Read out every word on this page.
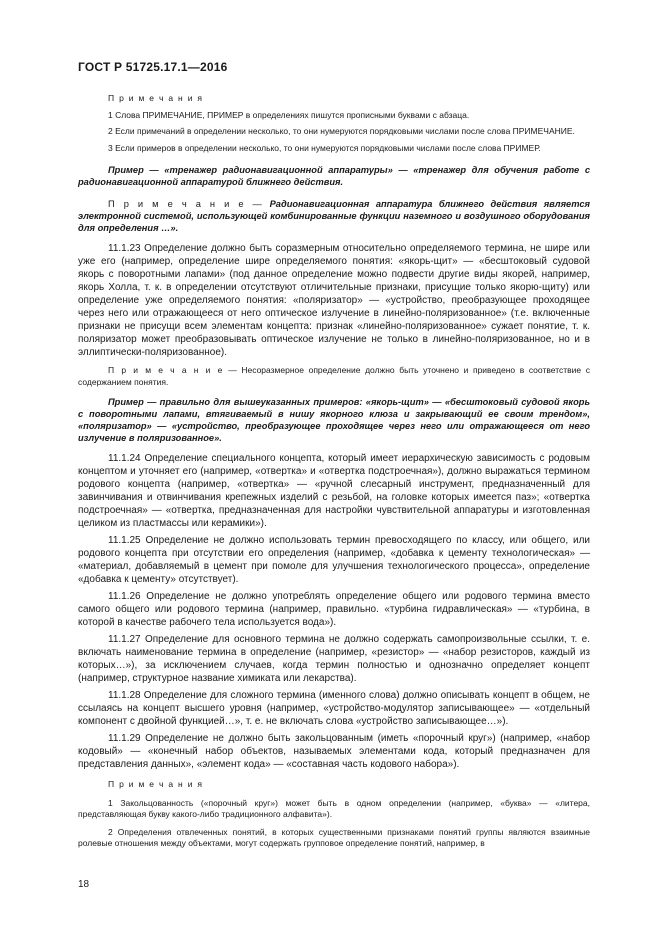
ГОСТ Р 51725.17.1—2016

П р и м е ч а н и я

1 Слова ПРИМЕЧАНИЕ, ПРИМЕР в определениях пишутся прописными буквами с абзаца.

2 Если примечаний в определении несколько, то они нумеруются порядковыми числами после слова ПРИМЕЧАНИЕ.

3 Если примеров в определении несколько, то они нумеруются порядковыми числами после слова ПРИМЕР.

Пример — «тренажер радионавигационной аппаратуры» — «тренажер для обучения работе с радионавигационной аппаратурой ближнего действия.

П р и м е ч а н и е — Радионавигационная аппаратура ближнего действия является электронной системой, использующей комбинированные функции наземного и воздушного оборудования для определения …».

11.1.23 Определение должно быть соразмерным относительно определяемого термина, не шире или уже его (например, определение шире определяемого понятия: «якорь-щит» — «бесштоковый судовой якорь с поворотными лапами» (под данное определение можно подвести другие виды якорей, например, якорь Холла, т. к. в определении отсутствуют отличительные признаки, присущие только якорю-щиту) или определение уже определяемого понятия: «поляризатор» — «устройство, преобразующее проходящее через него или отражающееся от него оптическое излучение в линейно-поляризованное» (т.е. включенные признаки не присущи всем элементам концепта: признак «линейно-поляризованное» сужает понятие, т. к. поляризатор может преобразовывать оптическое излучение не только в линейно-поляризованное, но и в эллиптически-поляризованное).

П р и м е ч а н и е — Несоразмерное определение должно быть уточнено и приведено в соответствие с содержанием понятия.

Пример — правильно для вышеуказанных примеров: «якорь-щит» — «бесштоковый судовой якорь с поворотными лапами, втягиваемый в нишу якорного клюза и закрывающий ее своим трендом», «поляризатор» — «устройство, преобразующее проходящее через него или отражающееся от него излучение в поляризованное».

11.1.24 Определение специального концепта, который имеет иерархическую зависимость с родовым концептом и уточняет его (например, «отвертка» и «отвертка подстроечная»), должно выражаться термином родового концепта (например, «отвертка» — «ручной слесарный инструмент, предназначенный для завинчивания и отвинчивания крепежных изделий с резьбой, на головке которых имеется паз»; «отвертка подстроечная» — «отвертка, предназначенная для настройки чувствительной аппаратуры и изготовленная целиком из пластмассы или керамики»).

11.1.25 Определение не должно использовать термин превосходящего по классу, или общего, или родового концепта при отсутствии его определения (например, «добавка к цементу технологическая» — «материал, добавляемый в цемент при помоле для улучшения технологического процесса», определение «добавка к цементу» отсутствует).

11.1.26 Определение не должно употреблять определение общего или родового термина вместо самого общего или родового термина (например, правильно. «турбина гидравлическая» — «турбина, в которой в качестве рабочего тела используется вода»).

11.1.27 Определение для основного термина не должно содержать самопроизвольные ссылки, т. е. включать наименование термина в определение (например, «резистор» — «набор резисторов, каждый из которых…»), за исключением случаев, когда термин полностью и однозначно определяет концепт (например, структурное название химиката или лекарства).

11.1.28 Определение для сложного термина (именного слова) должно описывать концепт в общем, не ссылаясь на концепт высшего уровня (например, «устройство-модулятор записывающее» — «отдельный компонент с двойной функцией…», т. е. не включать слова «устройство записывающее…»).

11.1.29 Определение не должно быть закольцованным (иметь «порочный круг») (например, «набор кодовый» — «конечный набор объектов, называемых элементами кода, который предназначен для представления данных», «элемент кода» — «составная часть кодового набора»).

П р и м е ч а н и я

1 Закольцованность («порочный круг») может быть в одном определении (например, «буква» — «литера, представляющая букву какого-либо традиционного алфавита»).

2 Определения отвлеченных понятий, в которых существенными признаками понятий группы являются взаимные ролевые отношения между объектами, могут содержать групповое определение понятий, например, в

18
